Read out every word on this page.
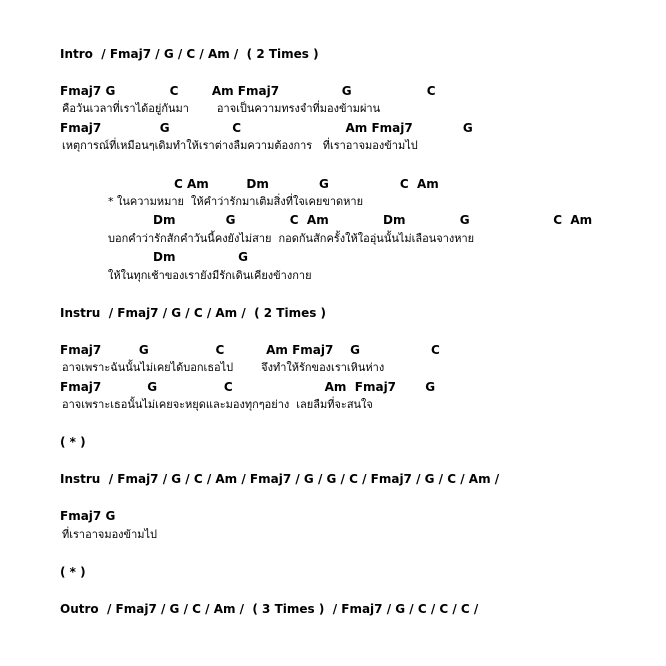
Intro  / Fmaj7 / G / C / Am /  ( 2 Times )
Fmaj7 G             C        Am Fmaj7               G                  C
คือวันเวลาที่เราได้อยู่กันมา        อาจเป็นความทรงจำที่มองข้ามผ่าน
Fmaj7              G               C                         Am Fmaj7            G
เหตุการณ์ที่เหมือนๆเดิมทำให้เราต่างลืมความต้องการ   ที่เราอาจมองข้ามไป
C Am         Dm            G                 C  Am
* ในความหมาย  ให้คำว่ารักมาเติมสิ่งที่ใจเคยขาดหาย
Dm            G             C  Am             Dm             G                    C  Am
บอกคำว่ารักสักคำวันนี้คงยังไม่สาย  กอดกันสักครั้งให้ใออุ่นนั้นไม่เลือนจางหาย
Dm               G
ให้ในทุกเช้าของเรายังมีรักเดินเคียงข้างกาย
Instru  / Fmaj7 / G / C / Am /  ( 2 Times )
Fmaj7         G                C          Am Fmaj7    G                 C
อาจเพราะฉันนั้นไม่เคยได้บอกเธอไป        จึงทำให้รักของเราเหินห่าง
Fmaj7           G                C                      Am  Fmaj7       G
อาจเพราะเธอนั้นไม่เคยจะหยุดและมองทุกๆอย่าง  เลยลืมที่จะสนใจ
( * )
Instru  / Fmaj7 / G / C / Am / Fmaj7 / G / G / C / Fmaj7 / G / C / Am /
Fmaj7 G
ที่เราอาจมองข้ามไป
( * )
Outro  / Fmaj7 / G / C / Am /  ( 3 Times )  / Fmaj7 / G / C / C / C /
